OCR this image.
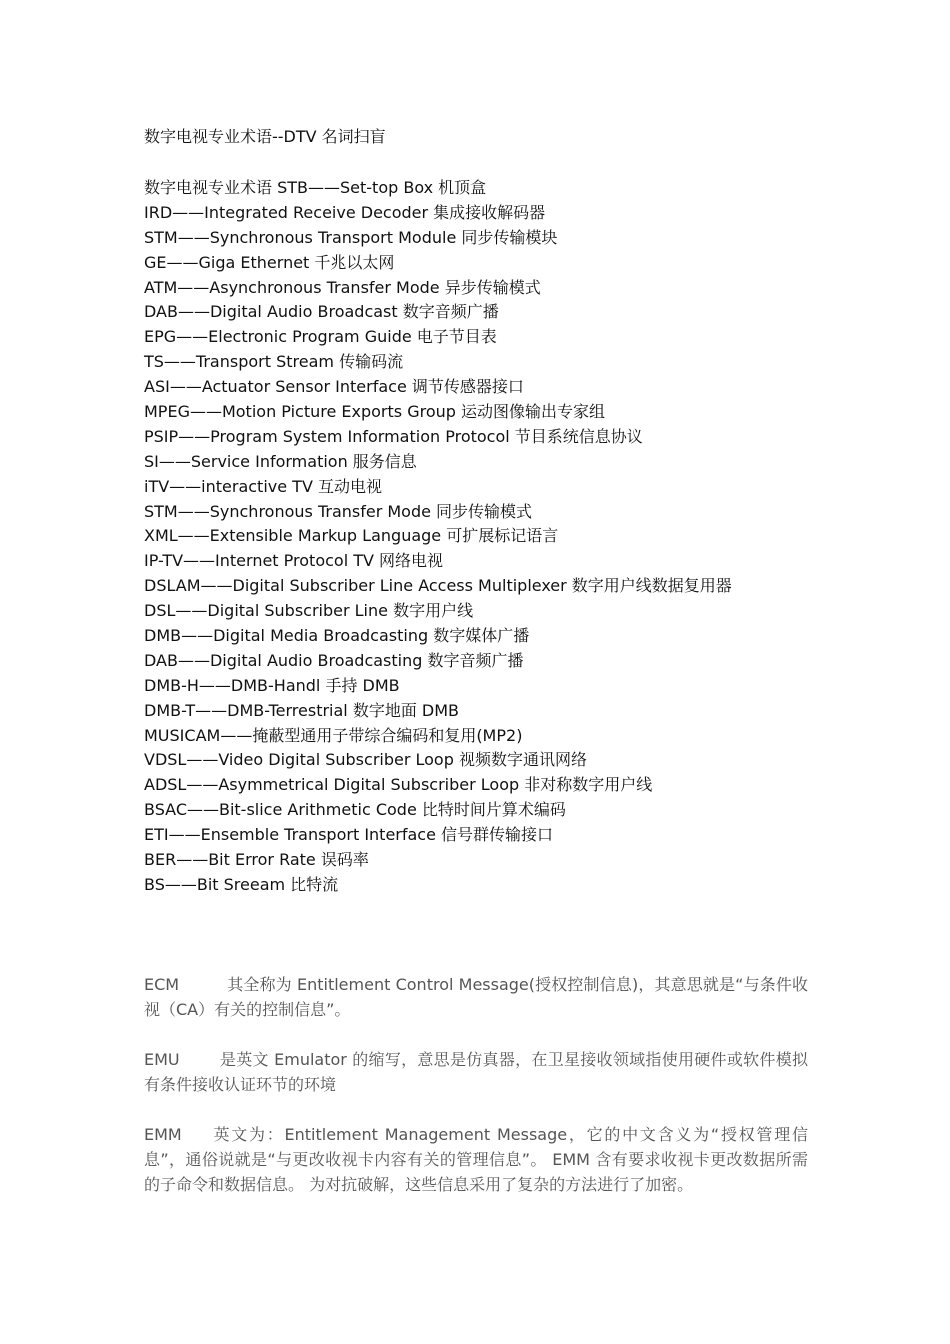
数字电视专业术语--DTV 名词扫盲
数字电视专业术语 STB——Set-top Box 机顶盒
IRD——Integrated Receive Decoder 集成接收解码器
STM——Synchronous Transport Module 同步传输模块
GE——Giga Ethernet 千兆以太网
ATM——Asynchronous Transfer Mode 异步传输模式
DAB——Digital Audio Broadcast 数字音频广播
EPG——Electronic Program Guide 电子节目表
TS——Transport Stream 传输码流
ASI——Actuator Sensor Interface 调节传感器接口
MPEG——Motion Picture Exports Group 运动图像输出专家组
PSIP——Program System Information Protocol 节目系统信息协议
SI——Service Information 服务信息
iTV——interactive TV 互动电视
STM——Synchronous Transfer Mode 同步传输模式
XML——Extensible Markup Language 可扩展标记语言
IP-TV——Internet Protocol TV 网络电视
DSLAM——Digital Subscriber Line Access Multiplexer 数字用户线数据复用器
DSL——Digital Subscriber Line 数字用户线
DMB——Digital Media Broadcasting 数字媒体广播
DAB——Digital Audio Broadcasting 数字音频广播
DMB-H——DMB-Handl 手持 DMB
DMB-T——DMB-Terrestrial 数字地面 DMB
MUSICAM——掩蔽型通用子带综合编码和复用(MP2)
VDSL——Video Digital Subscriber Loop 视频数字通讯网络
ADSL——Asymmetrical Digital Subscriber Loop 非对称数字用户线
BSAC——Bit-slice Arithmetic Code 比特时间片算术编码
ETI——Ensemble Transport Interface 信号群传输接口
BER——Bit Error Rate 误码率
BS——Bit Sreeam 比特流

ECM	其全称为 Entitlement Control Message(授权控制信息)，其意思就是“与条件收视（CA）有关的控制信息”。

EMU	是英文 Emulator 的缩写，意思是仿真器，在卫星接收领域指使用硬件或软件模拟有条件接收认证环节的环境

EMM 英文为：Entitlement Management Message，它的中文含义为“授权管理信息”，通俗说就是“与更改收视卡内容有关的管理信息”。 EMM 含有要求收视卡更改数据所需的子命令和数据信息。 为对抗破解，这些信息采用了复杂的方法进行了加密。
